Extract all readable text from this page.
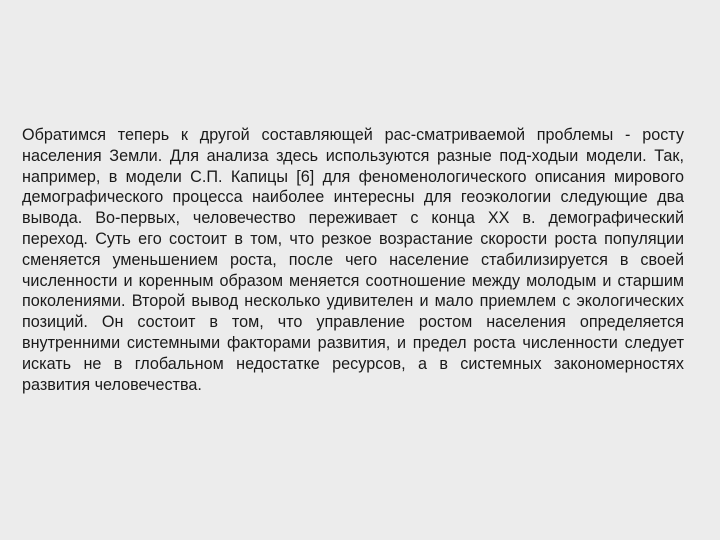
Обратимся теперь к другой составляющей рас-сматриваемой проблемы - росту населения Земли. Для анализа здесь используются разные под-ходыи модели. Так, например, в модели С.П. Капицы [6] для феноменологического описания мирового демографического процесса наиболее интересны для геоэкологии следующие два вывода. Во-первых, человечество переживает с конца XX в. демографический переход. Суть его состоит в том, что резкое возрастание скорости роста популяции сменяется уменьшением роста, после чего население стабилизируется в своей численности и коренным образом меняется соотношение между молодым и старшим поколениями. Второй вывод несколько удивителен и мало приемлем с экологических позиций. Он состоит в том, что управление ростом населения определяется внутренними системными факторами развития, и предел роста численности следует искать не в глобальном недостатке ресурсов, а в системных закономерностях развития человечества.
